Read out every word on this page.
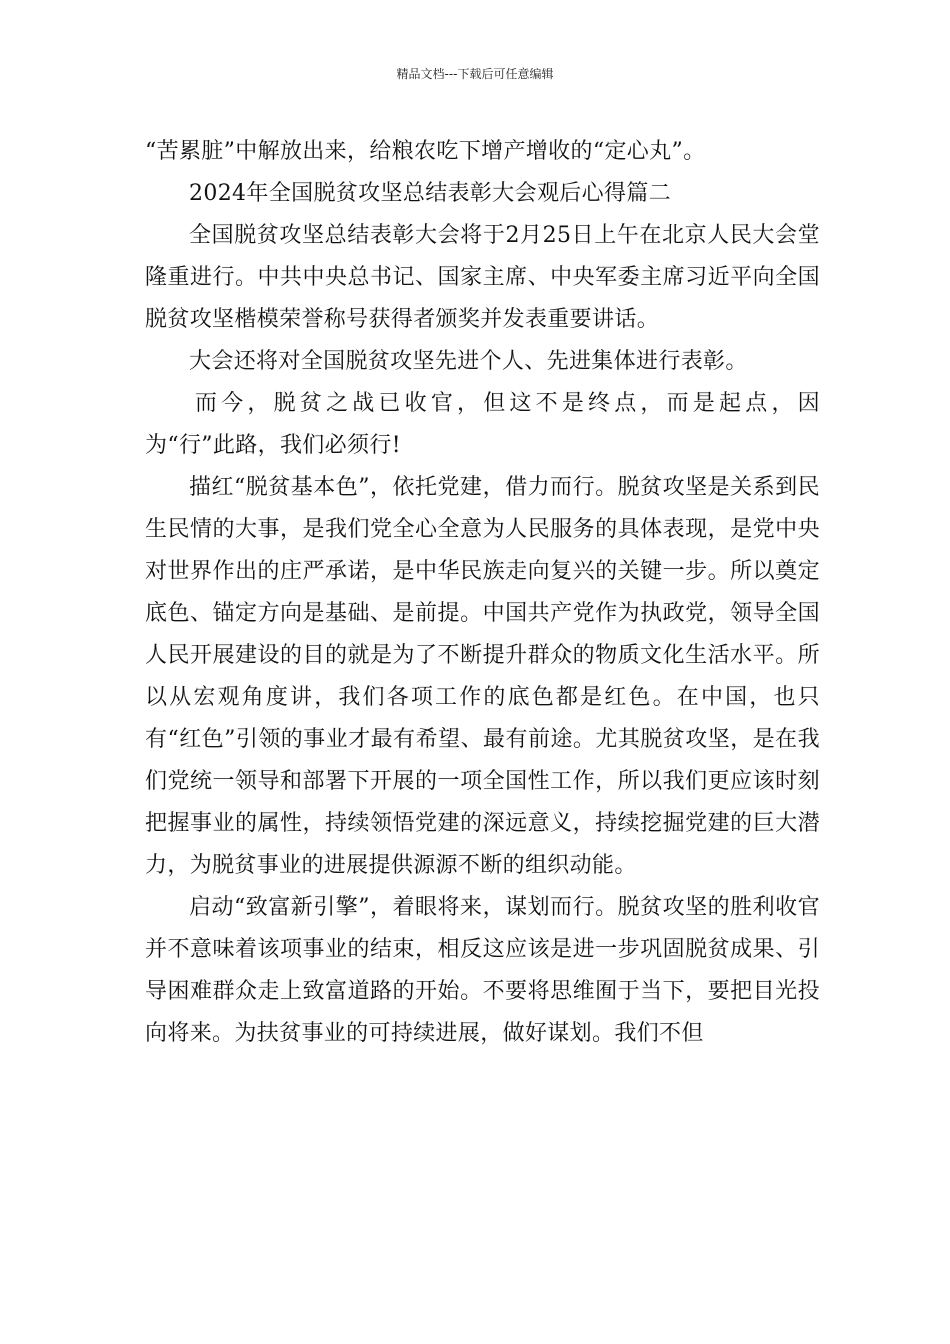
精品文档---下载后可任意编辑

“苦累脏”中解放出来，给粮农吃下增产增收的“定心丸”。

2024年全国脱贫攻坚总结表彰大会观后心得篇二

全国脱贫攻坚总结表彰大会将于2月25日上午在北京人民大会堂隆重进行。中共中央总书记、国家主席、中央军委主席习近平向全国脱贫攻坚楷模荣誉称号获得者颁奖并发表重要讲话。

大会还将对全国脱贫攻坚先进个人、先进集体进行表彰。

而今，脱贫之战已收官，但这不是终点，而是起点，因为“行”此路，我们必须行!

描红“脱贫基本色”，依托党建，借力而行。脱贫攻坚是关系到民生民情的大事，是我们党全心全意为人民服务的具体表现，是党中央对世界作出的庄严承诺，是中华民族走向复兴的关键一步。所以奠定底色、锚定方向是基础、是前提。中国共产党作为执政党，领导全国人民开展建设的目的就是为了不断提升群众的物质文化生活水平。所以从宏观角度讲，我们各项工作的底色都是红色。在中国，也只有“红色”引领的事业才最有希望、最有前途。尤其脱贫攻坚，是在我们党统一领导和部署下开展的一项全国性工作，所以我们更应该时刻把握事业的属性，持续领悟党建的深远意义，持续挖掘党建的巨大潜力，为脱贫事业的进展提供源源不断的组织动能。

启动“致富新引擎”，着眼将来，谋划而行。脱贫攻坚的胜利收官并不意味着该项事业的结束，相反这应该是进一步巩固脱贫成果、引导困难群众走上致富道路的开始。不要将思维囿于当下，要把目光投向将来。为扶贫事业的可持续进展，做好谋划。我们不但
